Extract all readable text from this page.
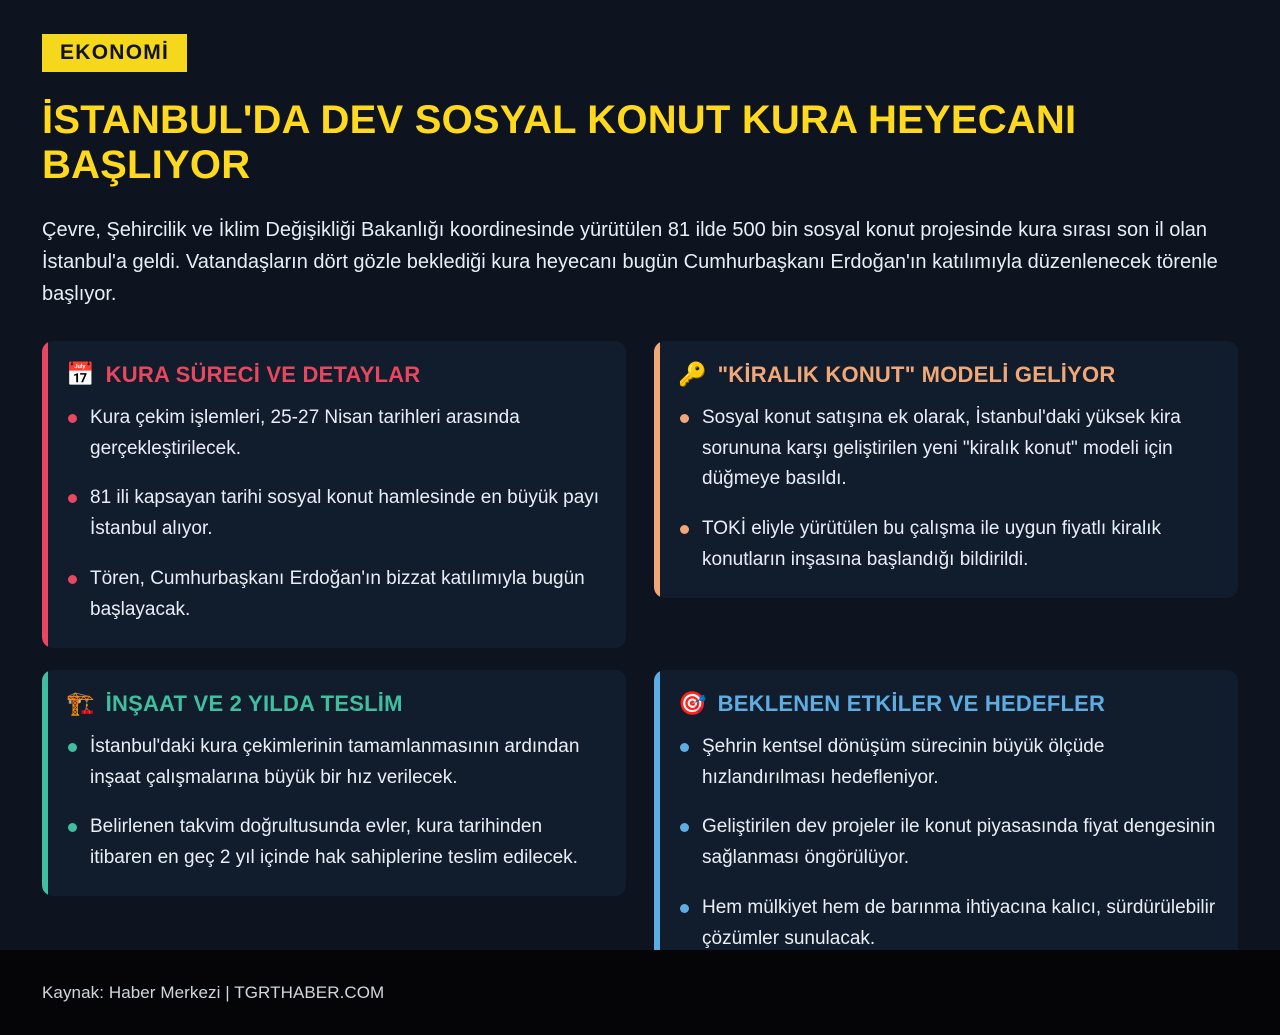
EKONOMİ
İSTANBUL'DA DEV SOSYAL KONUT KURA HEYECANI BAŞLIYOR

Çevre, Şehircilik ve İklim Değişikliği Bakanlığı koordinesinde yürütülen 81 ilde 500 bin sosyal konut projesinde kura sırası son il olan İstanbul'a geldi. Vatandaşların dört gözle beklediği kura heyecanı bugün Cumhurbaşkanı Erdoğan'ın katılımıyla düzenlenecek törenle başlıyor.

📅 KURA SÜRECİ VE DETAYLAR
Kura çekim işlemleri, 25-27 Nisan tarihleri arasında gerçekleştirilecek.
81 ili kapsayan tarihi sosyal konut hamlesinde en büyük payı İstanbul alıyor.
Tören, Cumhurbaşkanı Erdoğan'ın bizzat katılımıyla bugün başlayacak.
🔑 "KİRALIK KONUT" MODELİ GELİYOR
Sosyal konut satışına ek olarak, İstanbul'daki yüksek kira sorununa karşı geliştirilen yeni "kiralık konut" modeli için düğmeye basıldı.
TOKİ eliyle yürütülen bu çalışma ile uygun fiyatlı kiralık konutların inşasına başlandığı bildirildi.
🏗️ İNŞAAT VE 2 YILDA TESLİM
İstanbul'daki kura çekimlerinin tamamlanmasının ardından inşaat çalışmalarına büyük bir hız verilecek.
Belirlenen takvim doğrultusunda evler, kura tarihinden itibaren en geç 2 yıl içinde hak sahiplerine teslim edilecek.
🎯 BEKLENEN ETKİLER VE HEDEFLER
Şehrin kentsel dönüşüm sürecinin büyük ölçüde hızlandırılması hedefleniyor.
Geliştirilen dev projeler ile konut piyasasında fiyat dengesinin sağlanması öngörülüyor.
Hem mülkiyet hem de barınma ihtiyacına kalıcı, sürdürülebilir çözümler sunulacak.
Kaynak: Haber Merkezi | TGRTHABER.COM
